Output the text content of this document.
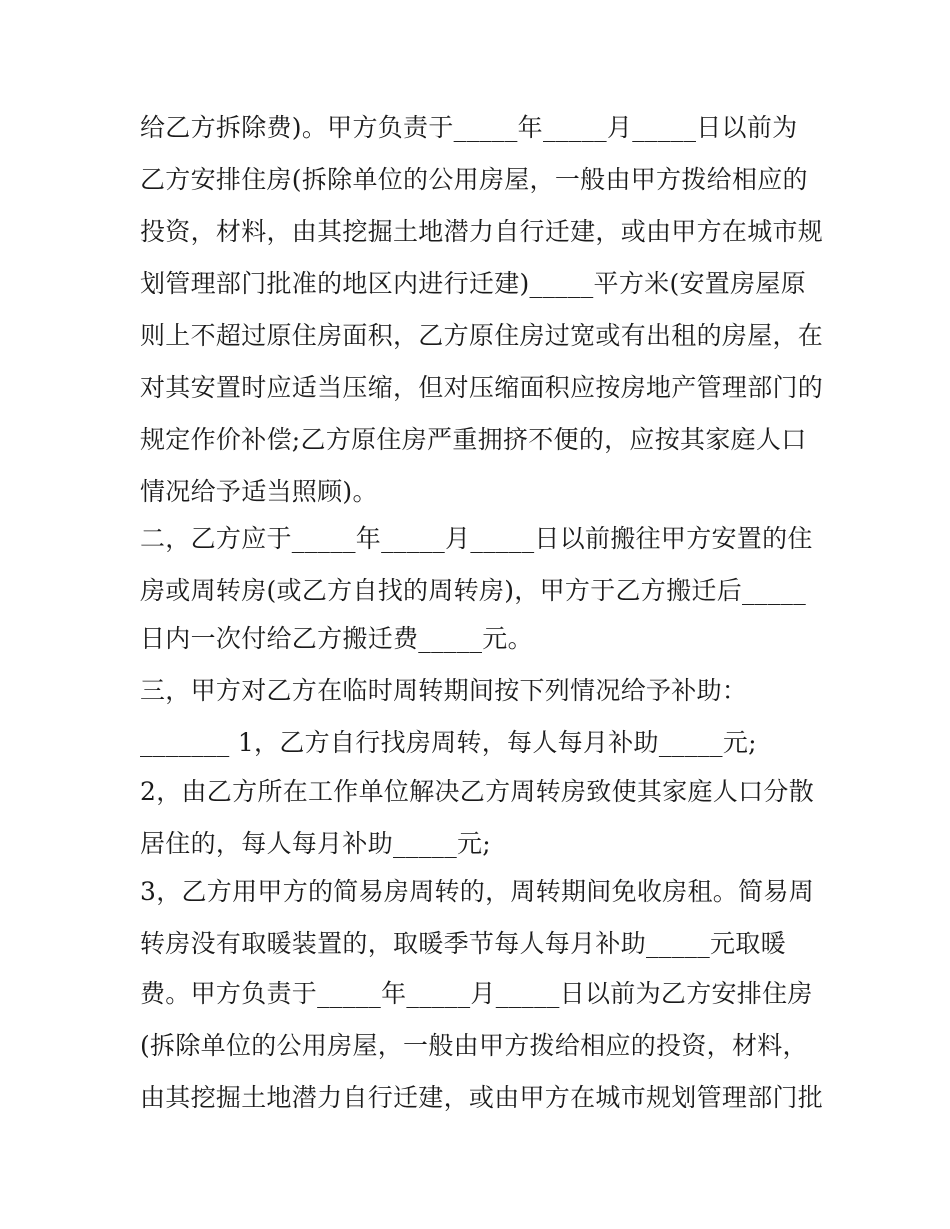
给乙方拆除费)。甲方负责于_____年_____月_____日以前为
乙方安排住房(拆除单位的公用房屋，一般由甲方拨给相应的
投资，材料，由其挖掘土地潜力自行迁建，或由甲方在城市规
划管理部门批准的地区内进行迁建)_____平方米(安置房屋原
则上不超过原住房面积，乙方原住房过宽或有出租的房屋，在
对其安置时应适当压缩，但对压缩面积应按房地产管理部门的
规定作价补偿;乙方原住房严重拥挤不便的，应按其家庭人口
情况给予适当照顾)。
二，乙方应于_____年_____月_____日以前搬往甲方安置的住
房或周转房(或乙方自找的周转房)，甲方于乙方搬迁后_____
日内一次付给乙方搬迁费_____元。
三，甲方对乙方在临时周转期间按下列情况给予补助：
_______ 1，乙方自行找房周转，每人每月补助_____元;
2，由乙方所在工作单位解决乙方周转房致使其家庭人口分散
居住的，每人每月补助_____元;
3，乙方用甲方的简易房周转的，周转期间免收房租。简易周
转房没有取暖装置的，取暖季节每人每月补助_____元取暖
费。甲方负责于_____年_____月_____日以前为乙方安排住房
(拆除单位的公用房屋，一般由甲方拨给相应的投资，材料，
由其挖掘土地潜力自行迁建，或由甲方在城市规划管理部门批
